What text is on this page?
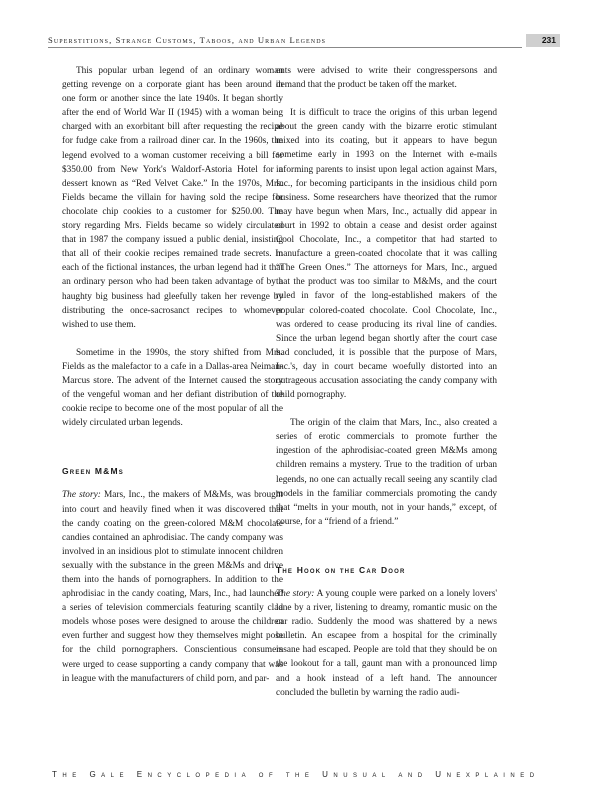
Superstitions, Strange Customs, Taboos, and Urban Legends	231

This popular urban legend of an ordinary woman getting revenge on a corporate giant has been around in one form or another since the late 1940s. It began shortly after the end of World War II (1945) with a woman being charged with an exorbitant bill after requesting the recipe for fudge cake from a railroad diner car. In the 1960s, the legend evolved to a woman customer receiving a bill for $350.00 from New York's Waldorf-Astoria Hotel for a dessert known as “Red Velvet Cake.” In the 1970s, Mrs. Fields became the villain for having sold the recipe for chocolate chip cookies to a customer for $250.00. The story regarding Mrs. Fields became so widely circulated that in 1987 the company issued a public denial, insisting that all of their cookie recipes remained trade secrets. In each of the fictional instances, the urban legend had it that an ordinary person who had been taken advantage of by a haughty big business had gleefully taken her revenge by distributing the once-sacrosanct recipes to whomever wished to use them.

Sometime in the 1990s, the story shifted from Mrs. Fields as the malefactor to a cafe in a Dallas-area Neiman-Marcus store. The advent of the Internet caused the story of the vengeful woman and her defiant distribution of the cookie recipe to become one of the most popular of all the widely circulated urban legends.

Green M&Ms

The story: Mars, Inc., the makers of M&Ms, was brought into court and heavily fined when it was discovered that the candy coating on the green-colored M&M chocolate candies contained an aphrodisiac. The candy company was involved in an insidious plot to stimulate innocent children sexually with the substance in the green M&Ms and drive them into the hands of pornographers. In addition to the aphrodisiac in the candy coating, Mars, Inc., had launched a series of television commercials featuring scantily clad models whose poses were designed to arouse the children even further and suggest how they themselves might pose for the child pornographers. Conscientious consumers were urged to cease supporting a candy company that was in league with the manufacturers of child porn, and par-

ents were advised to write their congresspersons and demand that the product be taken off the market.

It is difficult to trace the origins of this urban legend about the green candy with the bizarre erotic stimulant mixed into its coating, but it appears to have begun sometime early in 1993 on the Internet with e-mails informing parents to insist upon legal action against Mars, Inc., for becoming participants in the insidious child porn business. Some researchers have theorized that the rumor may have begun when Mars, Inc., actually did appear in court in 1992 to obtain a cease and desist order against Cool Chocolate, Inc., a competitor that had started to manufacture a green-coated chocolate that it was calling “The Green Ones.” The attorneys for Mars, Inc., argued that the product was too similar to M&Ms, and the court ruled in favor of the long-established makers of the popular colored-coated chocolate. Cool Chocolate, Inc., was ordered to cease producing its rival line of candies. Since the urban legend began shortly after the court case had concluded, it is possible that the purpose of Mars, Inc.'s, day in court became woefully distorted into an outrageous accusation associating the candy company with child pornography.

The origin of the claim that Mars, Inc., also created a series of erotic commercials to promote further the ingestion of the aphrodisiac-coated green M&Ms among children remains a mystery. True to the tradition of urban legends, no one can actually recall seeing any scantily clad models in the familiar commercials promoting the candy that “melts in your mouth, not in your hands,” except, of course, for a “friend of a friend.”

The Hook on the Car Door

The story: A young couple were parked on a lonely lovers' lane by a river, listening to dreamy, romantic music on the car radio. Suddenly the mood was shattered by a news bulletin. An escapee from a hospital for the criminally insane had escaped. People are told that they should be on the lookout for a tall, gaunt man with a pronounced limp and a hook instead of a left hand. The announcer concluded the bulletin by warning the radio audi-

The Gale Encyclopedia of the Unusual and Unexplained
